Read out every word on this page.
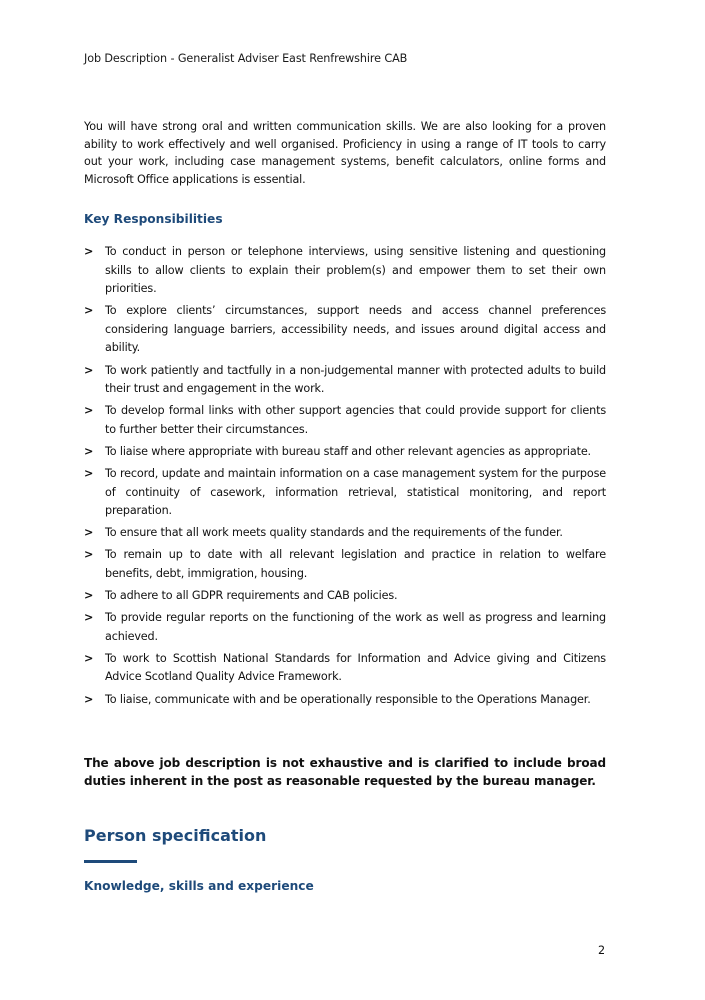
Job Description - Generalist Adviser East Renfrewshire CAB

You will have strong oral and written communication skills. We are also looking for a proven ability to work effectively and well organised. Proficiency in using a range of IT tools to carry out your work, including case management systems, benefit calculators, online forms and Microsoft Office applications is essential.

Key Responsibilities
> To conduct in person or telephone interviews, using sensitive listening and questioning skills to allow clients to explain their problem(s) and empower them to set their own priorities.
> To explore clients’ circumstances, support needs and access channel preferences considering language barriers, accessibility needs, and issues around digital access and ability.
> To work patiently and tactfully in a non-judgemental manner with protected adults to build their trust and engagement in the work.
> To develop formal links with other support agencies that could provide support for clients to further better their circumstances.
> To liaise where appropriate with bureau staff and other relevant agencies as appropriate.
> To record, update and maintain information on a case management system for the purpose of continuity of casework, information retrieval, statistical monitoring, and report preparation.
> To ensure that all work meets quality standards and the requirements of the funder.
> To remain up to date with all relevant legislation and practice in relation to welfare benefits, debt, immigration, housing.
> To adhere to all GDPR requirements and CAB policies.
> To provide regular reports on the functioning of the work as well as progress and learning achieved.
> To work to Scottish National Standards for Information and Advice giving and Citizens Advice Scotland Quality Advice Framework.
> To liaise, communicate with and be operationally responsible to the Operations Manager.

The above job description is not exhaustive and is clarified to include broad duties inherent in the post as reasonable requested by the bureau manager.

Person specification
Knowledge, skills and experience
2
